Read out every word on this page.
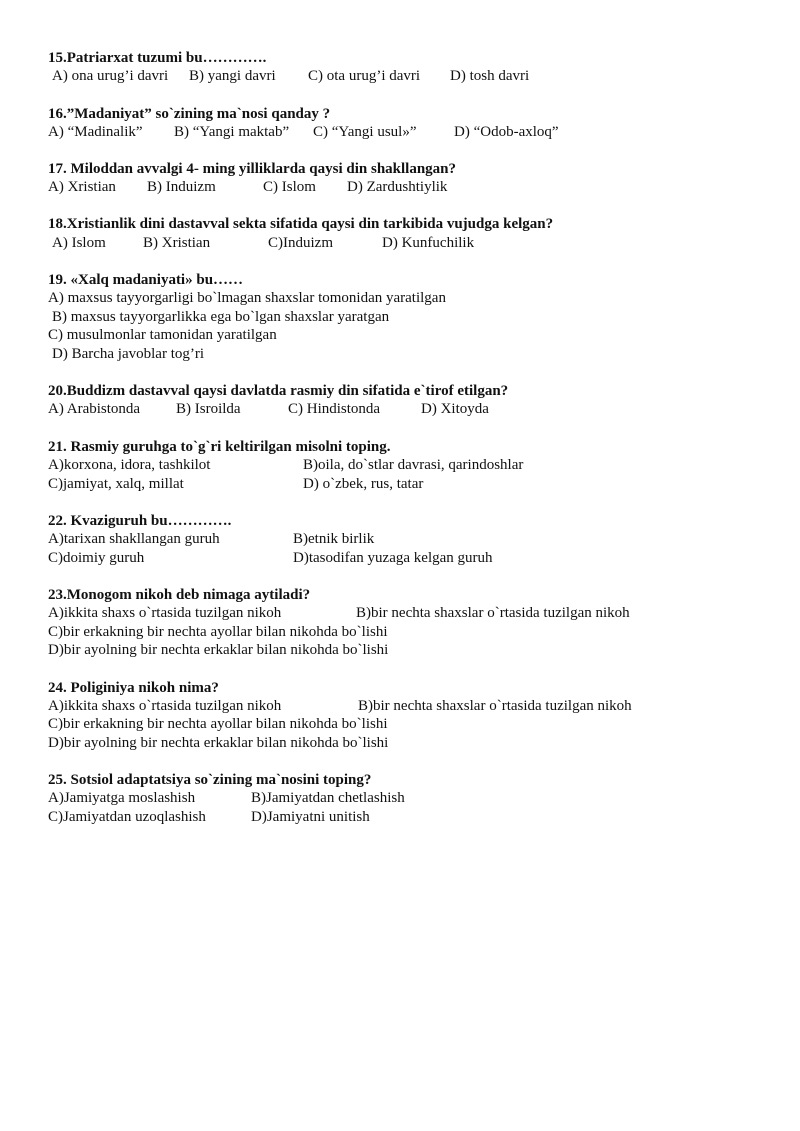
15.Patriarxat tuzumi bu………….
A) ona urug’i davri B) yangi davri C) ota urug’i davri D) tosh davri
16.”Madaniyat” so`zining ma`nosi qanday ?
A) “Madinalik” B) “Yangi maktab” C) “Yangi usul»”	D) “Odob-axloq”
17. Miloddan avvalgi 4- ming yilliklarda qaysi din shakllangan?
A) Xristian B) Induizm	C) Islom D) Zardushtiylik
18.Xristianlik dini dastavval sekta sifatida qaysi din tarkibida vujudga kelgan?
A) Islom B) Xristian	C)Induizm	D) Kunfuchilik
19. «Xalq madaniyati» bu……
A) maxsus tayyorgarligi bo`lmagan shaxslar tomonidan yaratilgan
B) maxsus tayyorgarlikka ega bo`lgan shaxslar yaratgan
C) musulmonlar tamonidan yaratilgan
D) Barcha javoblar tog’ri
20.Buddizm dastavval qaysi davlatda rasmiy din sifatida e`tirof etilgan?
A) Arabistonda B) Isroilda	C) Hindistonda	D) Xitoyda
21. Rasmiy guruhga to`g`ri keltirilgan misolni toping.
A)korxona, idora, tashkilot	B)oila, do`stlar davrasi, qarindoshlar
C)jamiyat, xalq, millat	D) o`zbek, rus, tatar
22. Kvaziguruh bu………….
A)tarixan shakllangan guruh	B)etnik birlik
C)doimiy guruh	D)tasodifan yuzaga kelgan guruh
23.Monogom nikoh deb nimaga aytiladi?
A)ikkita shaxs o`rtasida tuzilgan nikoh	B)bir nechta shaxslar o`rtasida tuzilgan nikoh
C)bir erkakning bir nechta ayollar bilan nikohda bo`lishi
D)bir ayolning bir nechta erkaklar bilan nikohda bo`lishi
24. Poliginiya nikoh nima?
A)ikkita shaxs o`rtasida tuzilgan nikoh	B)bir nechta shaxslar o`rtasida tuzilgan nikoh
C)bir erkakning bir nechta ayollar bilan nikohda bo`lishi
D)bir ayolning bir nechta erkaklar bilan nikohda bo`lishi
25. Sotsiol adaptatsiya so`zining ma`nosini toping?
A)Jamiyatga moslashish	B)Jamiyatdan chetlashish
C)Jamiyatdan uzoqlashish	D)Jamiyatni unitish
